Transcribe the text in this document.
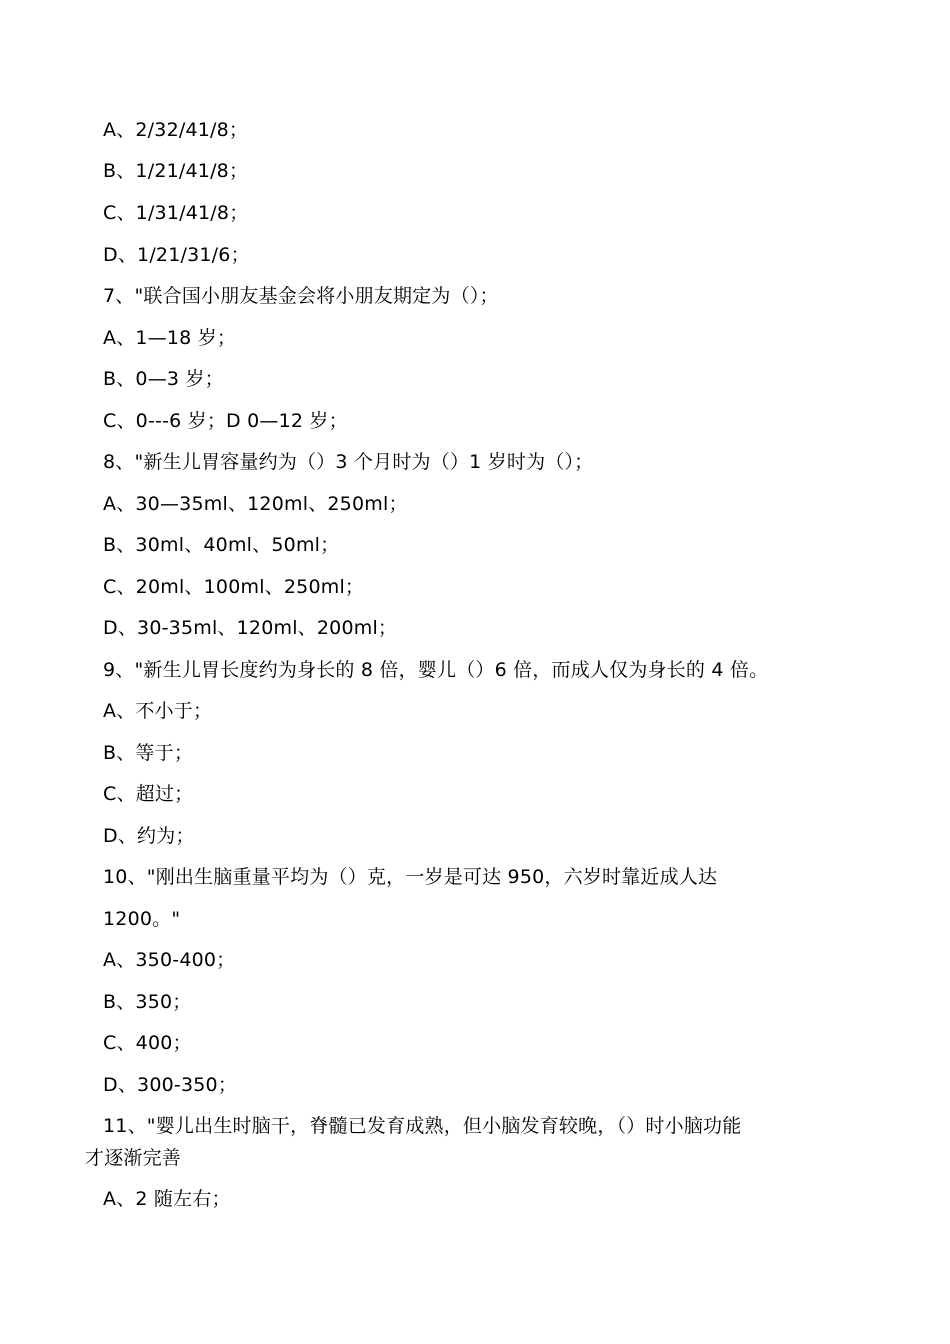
A、2/32/41/8；
B、1/21/41/8；
C、1/31/41/8；
D、1/21/31/6；
7、"联合国小朋友基金会将小朋友期定为（）；
A、1—18 岁；
B、0—3 岁；
C、0---6 岁；D 0—12 岁；
8、"新生儿胃容量约为（）3 个月时为（）1 岁时为（）；
A、30—35ml、120ml、250ml；
B、30ml、40ml、50ml；
C、20ml、100ml、250ml；
D、30-35ml、120ml、200ml；
9、"新生儿胃长度约为身长的 8 倍，婴儿（）6 倍，而成人仅为身长的 4 倍。
A、不小于；
B、等于；
C、超过；
D、约为；
10、"刚出生脑重量平均为（）克，一岁是可达 950，六岁时靠近成人达
1200。"
A、350-400；
B、350；
C、400；
D、300-350；
11、"婴儿出生时脑干，脊髓已发育成熟，但小脑发育较晚，（）时小脑功能
才逐渐完善
A、2 随左右；
